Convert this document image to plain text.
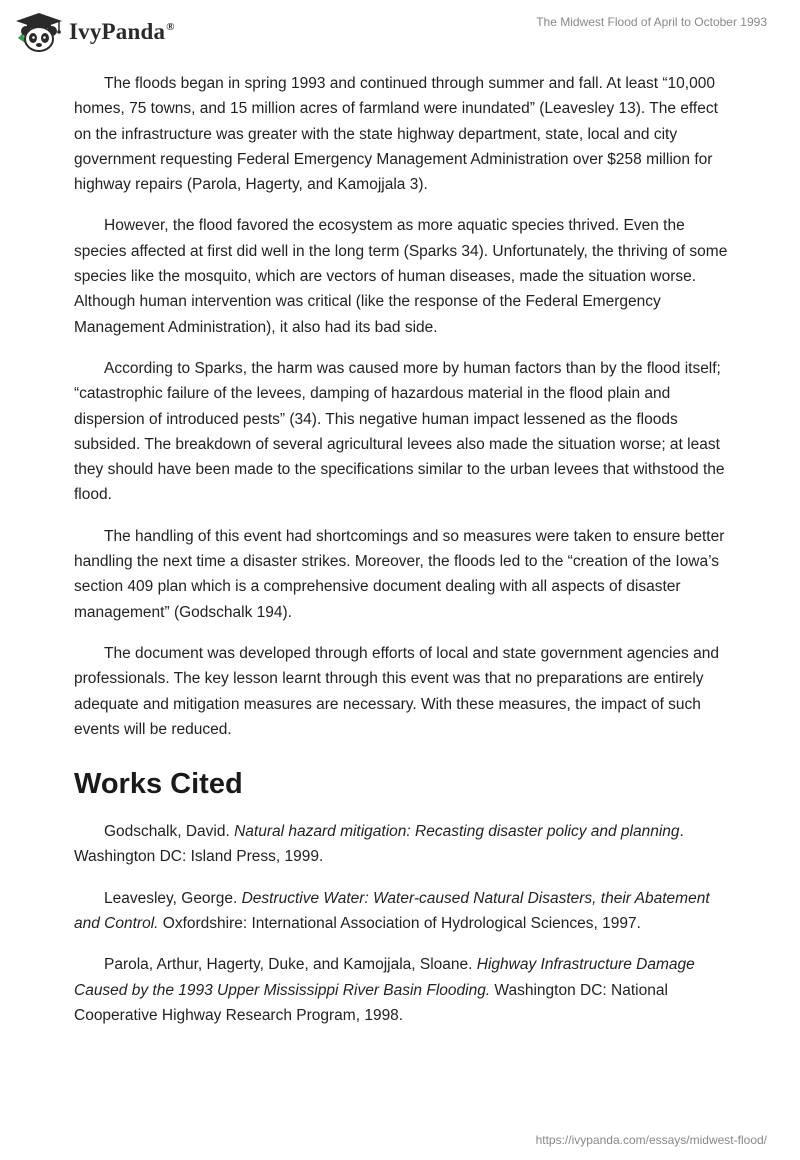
IvyPanda®	The Midwest Flood of April to October 1993

The floods began in spring 1993 and continued through summer and fall. At least “10,000 homes, 75 towns, and 15 million acres of farmland were inundated” (Leavesley 13). The effect on the infrastructure was greater with the state highway department, state, local and city government requesting Federal Emergency Management Administration over $258 million for highway repairs (Parola, Hagerty, and Kamojjala 3).

However, the flood favored the ecosystem as more aquatic species thrived. Even the species affected at first did well in the long term (Sparks 34). Unfortunately, the thriving of some species like the mosquito, which are vectors of human diseases, made the situation worse. Although human intervention was critical (like the response of the Federal Emergency Management Administration), it also had its bad side.

According to Sparks, the harm was caused more by human factors than by the flood itself; “catastrophic failure of the levees, damping of hazardous material in the flood plain and dispersion of introduced pests” (34). This negative human impact lessened as the floods subsided. The breakdown of several agricultural levees also made the situation worse; at least they should have been made to the specifications similar to the urban levees that withstood the flood.

The handling of this event had shortcomings and so measures were taken to ensure better handling the next time a disaster strikes. Moreover, the floods led to the “creation of the Iowa’s section 409 plan which is a comprehensive document dealing with all aspects of disaster management” (Godschalk 194).

The document was developed through efforts of local and state government agencies and professionals. The key lesson learnt through this event was that no preparations are entirely adequate and mitigation measures are necessary. With these measures, the impact of such events will be reduced.

Works Cited

Godschalk, David. Natural hazard mitigation: Recasting disaster policy and planning. Washington DC: Island Press, 1999.

Leavesley, George. Destructive Water: Water-caused Natural Disasters, their Abatement and Control. Oxfordshire: International Association of Hydrological Sciences, 1997.

Parola, Arthur, Hagerty, Duke, and Kamojjala, Sloane. Highway Infrastructure Damage Caused by the 1993 Upper Mississippi River Basin Flooding. Washington DC: National Cooperative Highway Research Program, 1998.

https://ivypanda.com/essays/midwest-flood/
